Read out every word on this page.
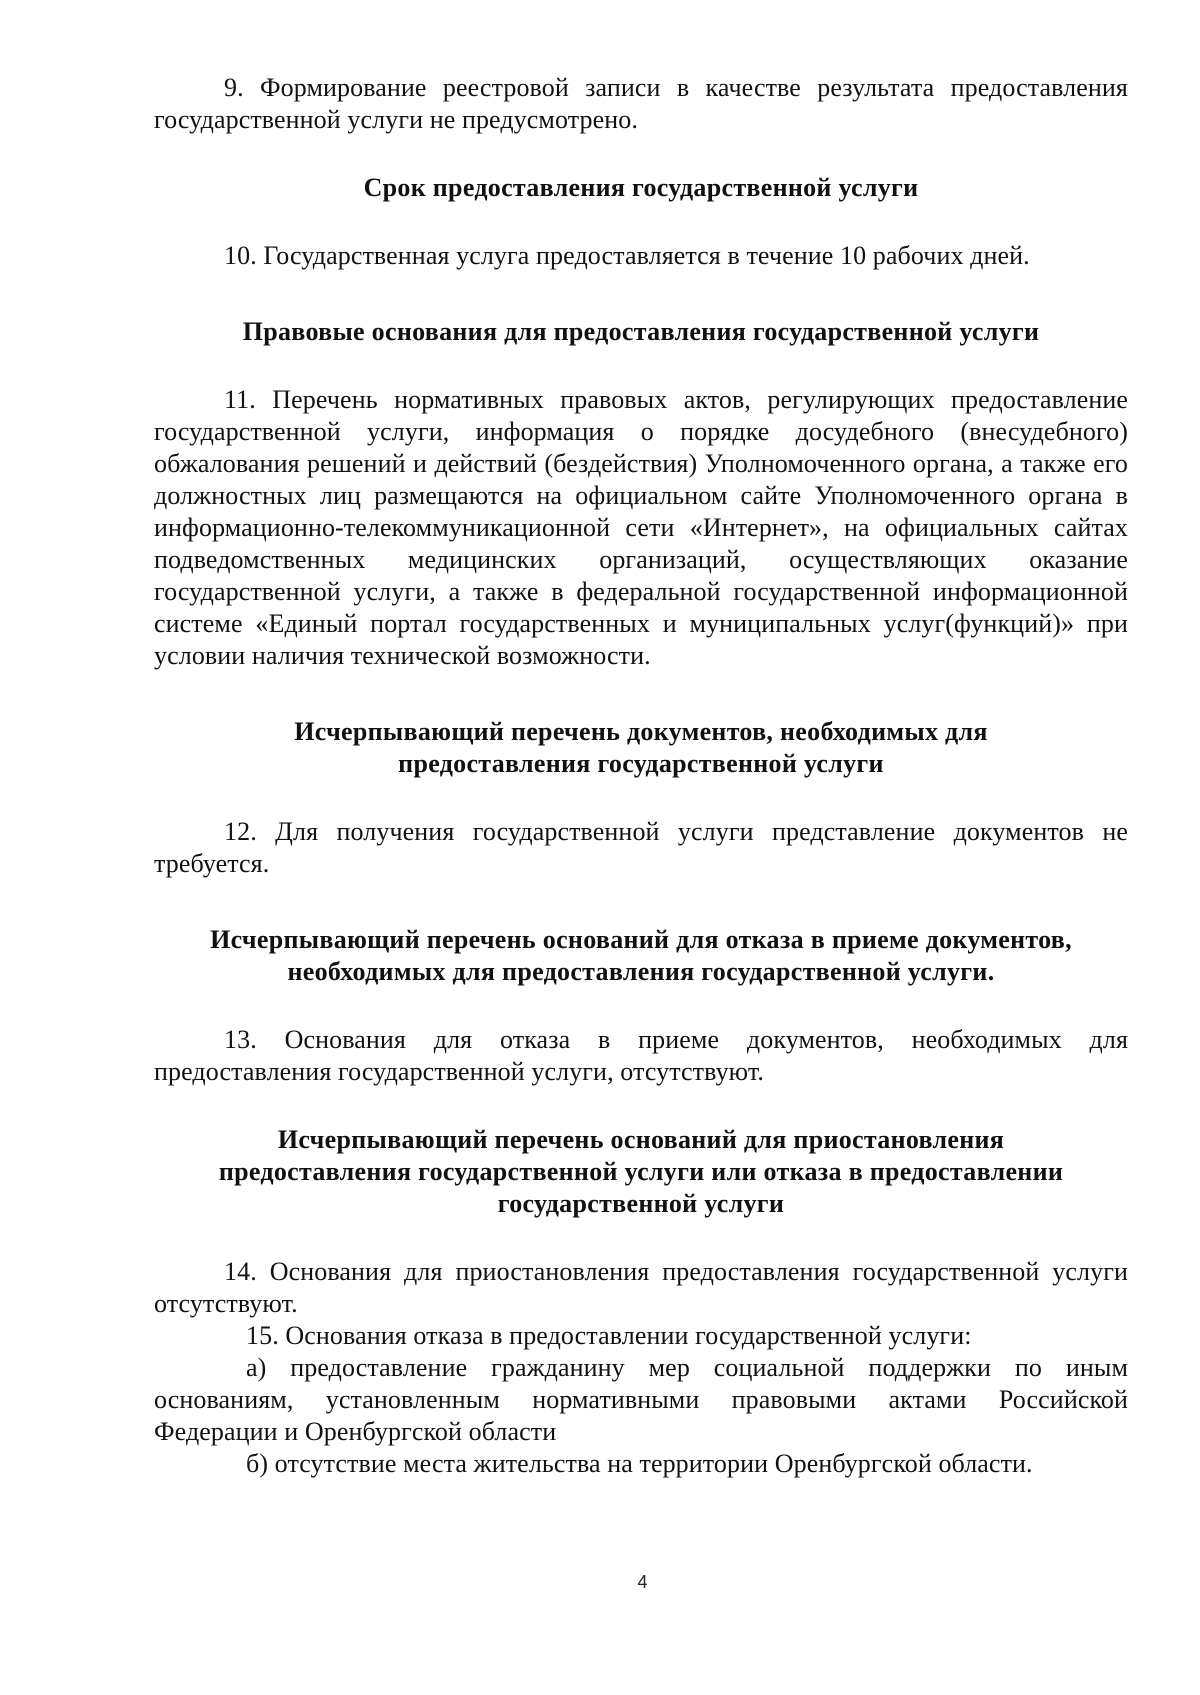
9. Формирование реестровой записи в качестве результата предоставления государственной услуги не предусмотрено.

Срок предоставления государственной услуги

10. Государственная услуга предоставляется в течение 10 рабочих дней.

Правовые основания для предоставления государственной услуги

11. Перечень нормативных правовых актов, регулирующих предоставление государственной услуги, информация о порядке досудебного (внесудебного) обжалования решений и действий (бездействия) Уполномоченного органа, а также его должностных лиц размещаются на официальном сайте Уполномоченного органа в информационно-телекоммуникационной сети «Интернет», на официальных сайтах подведомственных медицинских организаций, осуществляющих оказание государственной услуги, а также в федеральной государственной информационной системе «Единый портал государственных и муниципальных услуг(функций)» при условии наличия технической возможности.

Исчерпывающий перечень документов, необходимых для
предоставления государственной услуги

12. Для получения государственной услуги представление документов не требуется.

Исчерпывающий перечень оснований для отказа в приеме документов,
необходимых для предоставления государственной услуги.

13. Основания для отказа в приеме документов, необходимых для предоставления государственной услуги, отсутствуют.

Исчерпывающий перечень оснований для приостановления
предоставления государственной услуги или отказа в предоставлении
государственной услуги

14. Основания для приостановления предоставления государственной услуги отсутствуют.

15. Основания отказа в предоставлении государственной услуги:

а) предоставление гражданину мер социальной поддержки по иным основаниям, установленным нормативными правовыми актами Российской Федерации и Оренбургской области

б) отсутствие места жительства на территории Оренбургской области.

4
